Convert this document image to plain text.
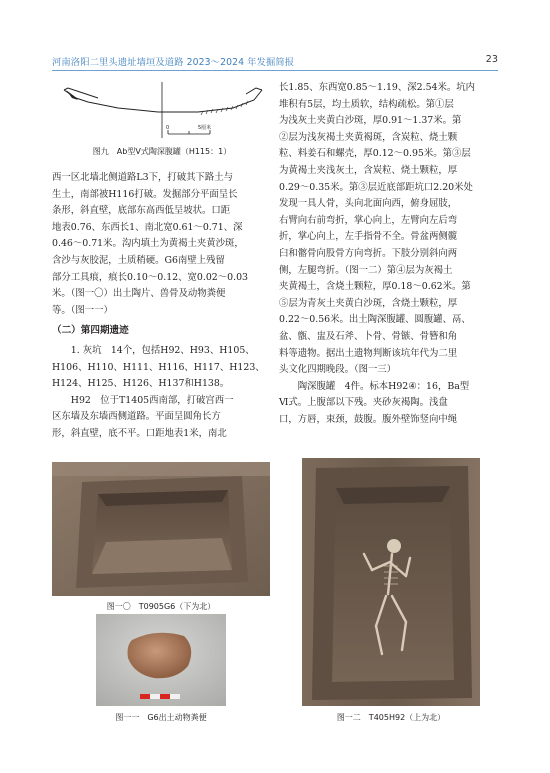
河南洛阳二里头遗址墙垣及道路 2023～2024 年发掘简报	23
0	5厘米
图九　Ab型Ⅴ式陶深腹罐（H115：1）

西一区北墙北侧道路L3下，打破其下路土与

生土，南部被H116打破。发掘部分平面呈长

条形，斜直壁，底部东高西低呈坡状。口距

地表0.76、东西长1、南北宽0.61～0.71、深

0.46～0.71米。沟内填土为黄褐土夹黄沙斑，

含沙与灰胶泥，土质稍硬。G6南壁上残留

部分工具痕，痕长0.10～0.12、宽0.02～0.03

米。（图一〇）出土陶片、兽骨及动物粪便

等。（图一一）

（二）第四期遗迹

1. 灰坑　14个，包括H92、H93、H105、

H106、H110、H111、H116、H117、H123、

H124、H125、H126、H137和H138。

H92　位于T1405西南部，打破宫西一

区东墙及东墙西侧道路。平面呈圆角长方

形，斜直壁，底不平。口距地表1米，南北

长1.85、东西宽0.85～1.19、深2.54米。坑内

堆积有5层，均土质软，结构疏松。第①层

为浅灰土夹黄白沙斑，厚0.91～1.37米。第

②层为浅灰褐土夹黄褐斑，含炭粒、烧土颗

粒、料姜石和螺壳，厚0.12～0.95米。第③层

为黄褐土夹浅灰土，含炭粒、烧土颗粒，厚

0.29～0.35米。第③层近底部距坑口2.20米处

发现一具人骨，头向北面向西，俯身屈肢，

右臂向右前弯折，掌心向上，左臂向左后弯

折，掌心向上，左手指骨不全。骨盆两侧髋

臼和髂骨向股骨方向弯折。下肢分别斜向两

侧，左腿弯折。（图一二）第④层为灰褐土

夹黄褐土，含烧土颗粒，厚0.18～0.62米。第

⑤层为青灰土夹黄白沙斑，含烧土颗粒，厚

0.22～0.56米。出土陶深腹罐、圆腹罐、鬲、

盆、甑、盅及石斧、卜骨、骨镞、骨簪和角

料等遗物。据出土遗物判断该坑年代为二里

头文化四期晚段。（图一三）

陶深腹罐　4件。标本H92④：16，Ba型

Ⅵ式。上腹部以下残。夹砂灰褐陶。浅盘

口，方唇，束颈，鼓腹。腹外壁饰竖向中绳

图一〇　T0905G6（下为北）
图一一　G6出土动物粪便	图一二　T405H92（上为北）
